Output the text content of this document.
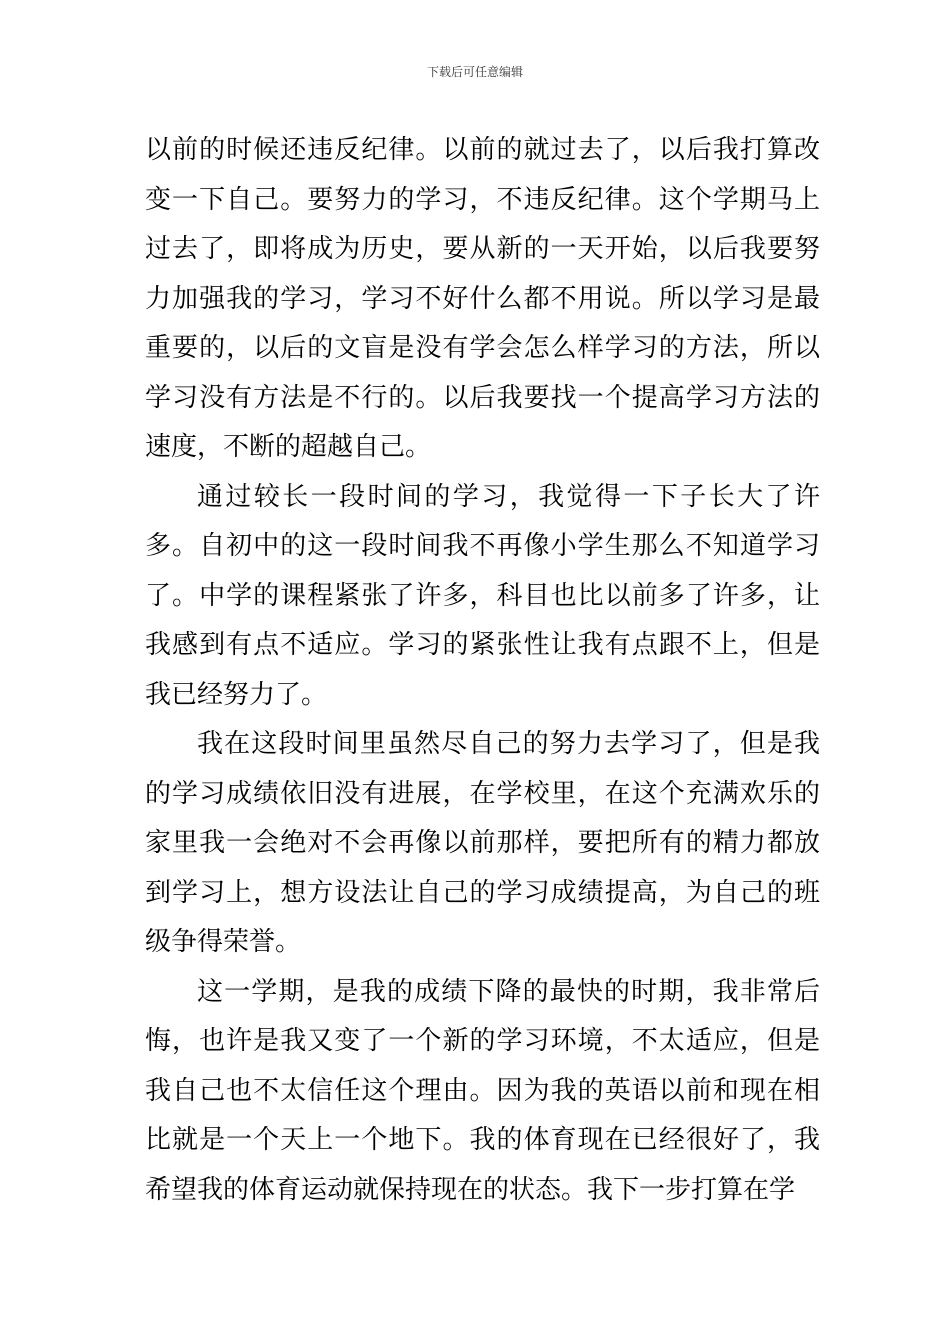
下载后可任意编辑

以前的时候还违反纪律。以前的就过去了，以后我打算改变一下自己。要努力的学习，不违反纪律。这个学期马上过去了，即将成为历史，要从新的一天开始，以后我要努力加强我的学习，学习不好什么都不用说。所以学习是最重要的，以后的文盲是没有学会怎么样学习的方法，所以学习没有方法是不行的。以后我要找一个提高学习方法的速度，不断的超越自己。

通过较长一段时间的学习，我觉得一下子长大了许多。自初中的这一段时间我不再像小学生那么不知道学习了。中学的课程紧张了许多，科目也比以前多了许多，让我感到有点不适应。学习的紧张性让我有点跟不上，但是我已经努力了。

我在这段时间里虽然尽自己的努力去学习了，但是我的学习成绩依旧没有进展，在学校里，在这个充满欢乐的家里我一会绝对不会再像以前那样，要把所有的精力都放到学习上，想方设法让自己的学习成绩提高，为自己的班级争得荣誉。

这一学期，是我的成绩下降的最快的时期，我非常后悔，也许是我又变了一个新的学习环境，不太适应，但是我自己也不太信任这个理由。因为我的英语以前和现在相比就是一个天上一个地下。我的体育现在已经很好了，我希望我的体育运动就保持现在的状态。我下一步打算在学
